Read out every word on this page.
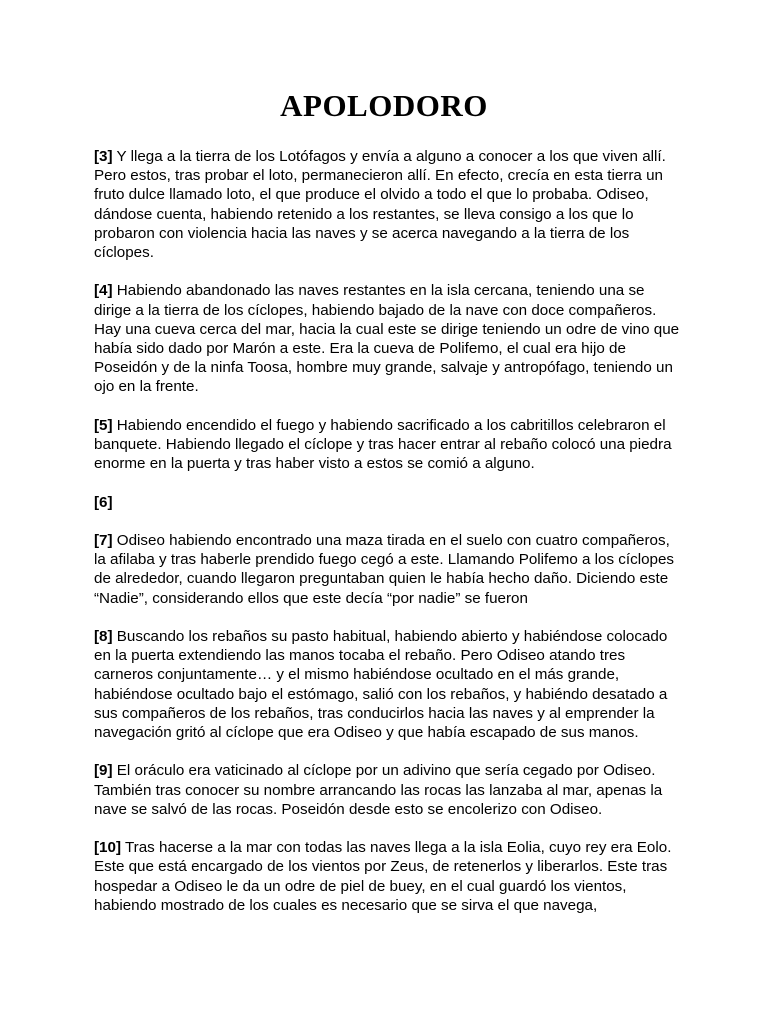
APOLODORO

[3] Y llega a la tierra de los Lotófagos y envía a alguno a conocer a los que viven allí. Pero estos, tras probar el loto, permanecieron allí. En efecto, crecía en esta tierra un fruto dulce llamado loto, el que produce el olvido a todo el que lo probaba. Odiseo, dándose cuenta, habiendo retenido a los restantes, se lleva consigo a los que lo probaron con violencia hacia las naves y se acerca navegando a la tierra de los cíclopes.

[4] Habiendo abandonado las naves restantes en la isla cercana, teniendo una se dirige a la tierra de los cíclopes, habiendo bajado de la nave con doce compañeros. Hay una cueva cerca del mar, hacia la cual este se dirige teniendo un odre de vino que había sido dado por Marón a este. Era la cueva de Polifemo, el cual era hijo de Poseidón y de la ninfa Toosa, hombre muy grande, salvaje y antropófago, teniendo un ojo en la frente.

[5] Habiendo encendido el fuego y habiendo sacrificado a los cabritillos celebraron el banquete. Habiendo llegado el cíclope y tras hacer entrar al rebaño colocó una piedra enorme en la puerta y tras haber visto a estos se comió a alguno.

[6]

[7] Odiseo habiendo encontrado una maza tirada en el suelo con cuatro compañeros, la afilaba y tras haberle prendido fuego cegó a este. Llamando Polifemo a los cíclopes de alrededor, cuando llegaron preguntaban quien le había hecho daño. Diciendo este “Nadie”, considerando ellos que este decía “por nadie” se fueron

[8] Buscando los rebaños su pasto habitual, habiendo abierto y habiéndose colocado en la puerta extendiendo las manos tocaba el rebaño. Pero Odiseo atando tres carneros conjuntamente… y el mismo habiéndose ocultado en el más grande, habiéndose ocultado bajo el estómago, salió con los rebaños, y habiéndo desatado a sus compañeros de los rebaños, tras conducirlos hacia las naves y al emprender la navegación gritó al cíclope que era Odiseo y que había escapado de sus manos.

[9] El oráculo era vaticinado al cíclope por un adivino que sería cegado por Odiseo. También tras conocer su nombre arrancando las rocas las lanzaba al mar, apenas la nave se salvó de las rocas. Poseidón desde esto se encolerizo con Odiseo.

[10] Tras hacerse a la mar con todas las naves llega a la isla Eolia, cuyo rey era Eolo. Este que está encargado de los vientos por Zeus, de retenerlos y liberarlos. Este tras hospedar a Odiseo le da un odre de piel de buey, en el cual guardó los vientos, habiendo mostrado de los cuales es necesario que se sirva el que navega,
